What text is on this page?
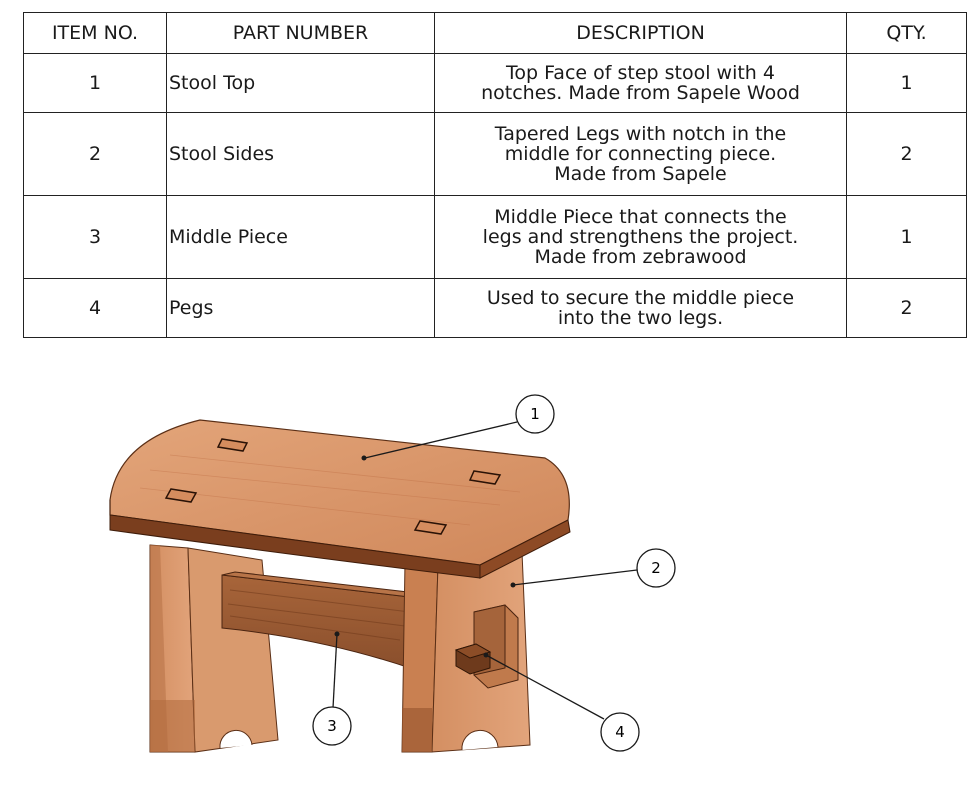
ITEM NO.	PART NUMBER	DESCRIPTION	QTY.
1	Stool Top	Top Face of step stool with 4
notches. Made from Sapele Wood	1
2	Stool Sides	Tapered Legs with notch in the
middle for connecting piece.
Made from Sapele	2
3	Middle Piece	Middle Piece that connects the
legs and strengthens the project.
Made from zebrawood	1
4	Pegs	Used to secure the middle piece
into the two legs.	2
1
2
3	4
